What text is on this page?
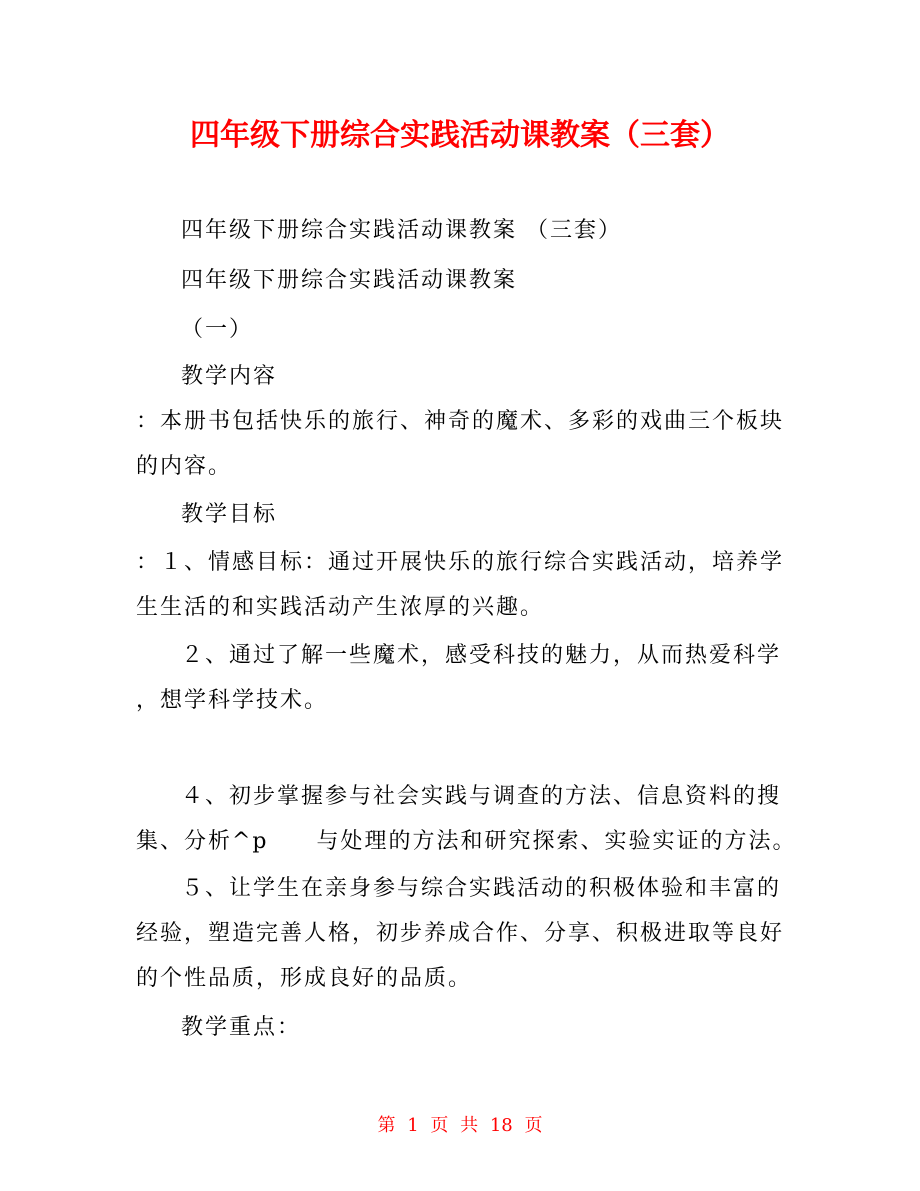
四年级下册综合实践活动课教案（三套）
四年级下册综合实践活动课教案 （三套）
四年级下册综合实践活动课教案
（一）
教学内容
：本册书包括快乐的旅行、神奇的魔术、多彩的戏曲三个板块
的内容。
教学目标
：１、情感目标：通过开展快乐的旅行综合实践活动，培养学
生生活的和实践活动产生浓厚的兴趣。
２、通过了解一些魔术，感受科技的魅力，从而热爱科学
，想学科学技术。
４、初步掌握参与社会实践与调查的方法、信息资料的搜
集、分析^p　　与处理的方法和研究探索、实验实证的方法。
５、让学生在亲身参与综合实践活动的积极体验和丰富的
经验，塑造完善人格，初步养成合作、分享、积极进取等良好
的个性品质，形成良好的品质。
教学重点：
第 1 页 共 18 页
